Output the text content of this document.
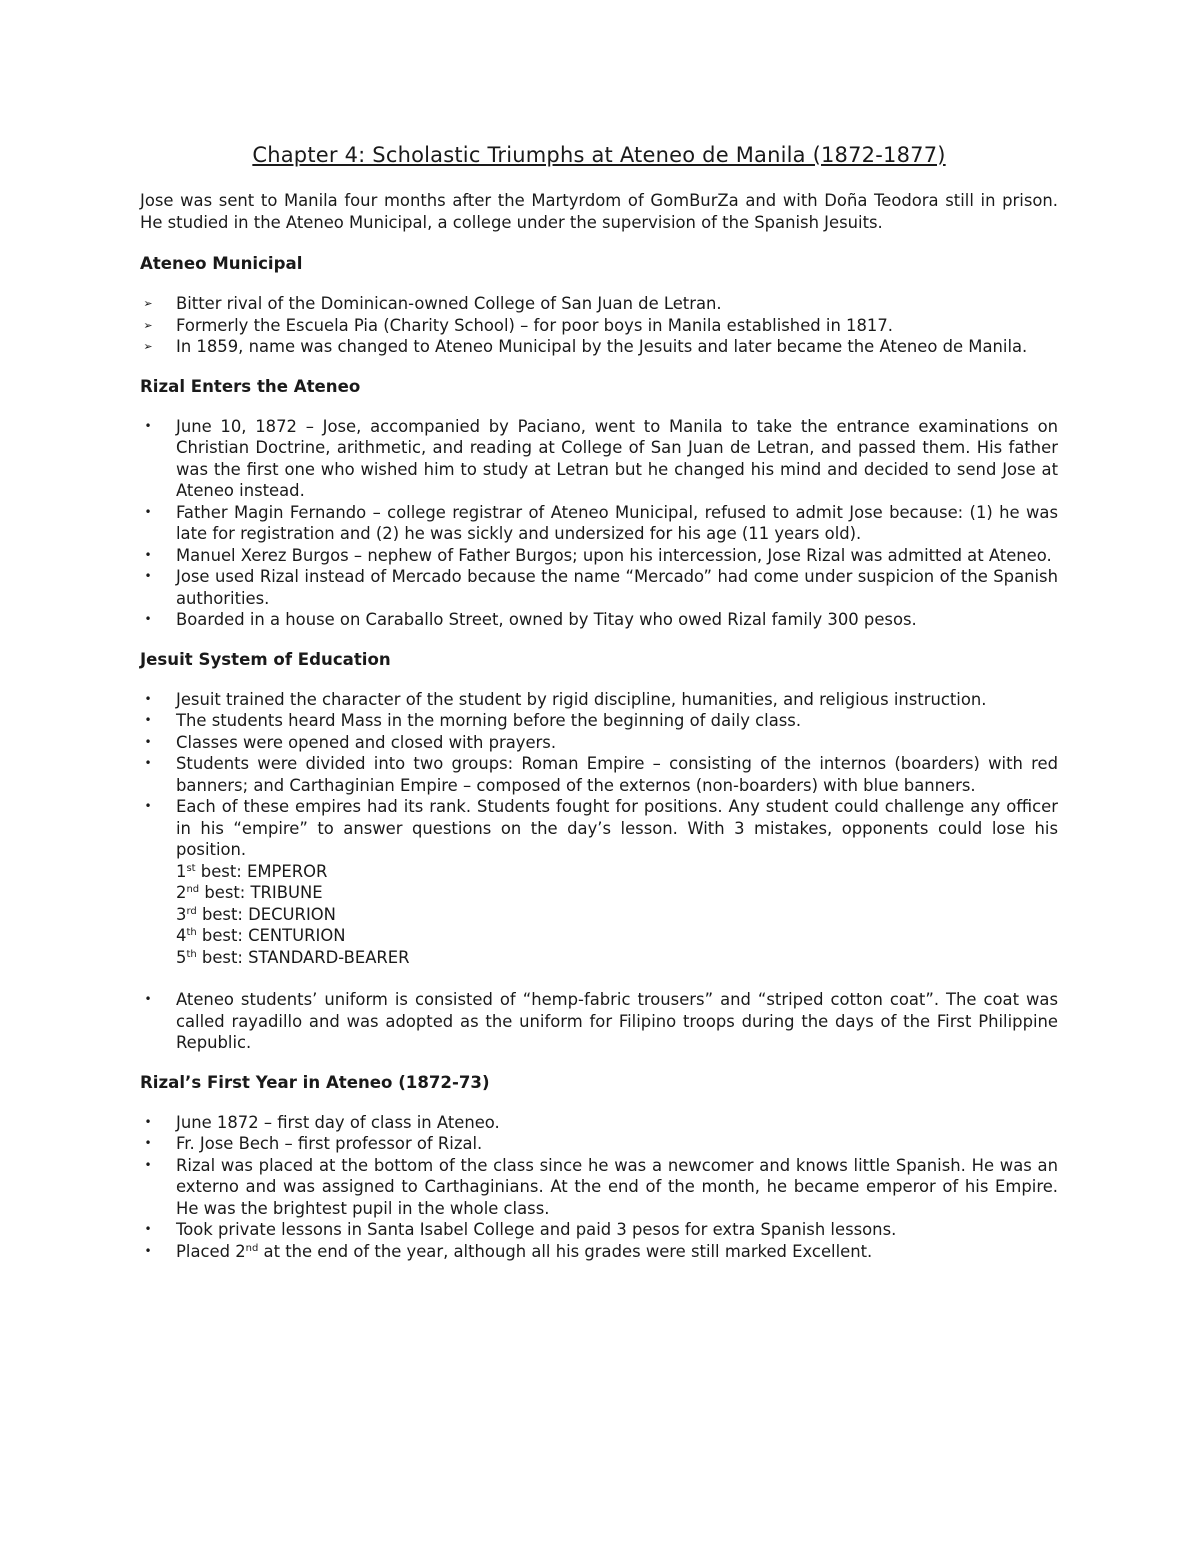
Chapter 4: Scholastic Triumphs at Ateneo de Manila (1872-1877)
Jose was sent to Manila four months after the Martyrdom of GomBurZa and with Doña Teodora still in prison. He studied in the Ateneo Municipal, a college under the supervision of the Spanish Jesuits.
Ateneo Municipal
➢ Bitter rival of the Dominican-owned College of San Juan de Letran.
➢ Formerly the Escuela Pia (Charity School) – for poor boys in Manila established in 1817.
➢ In 1859, name was changed to Ateneo Municipal by the Jesuits and later became the Ateneo de Manila.
Rizal Enters the Ateneo
• June 10, 1872 – Jose, accompanied by Paciano, went to Manila to take the entrance examinations on Christian Doctrine, arithmetic, and reading at College of San Juan de Letran, and passed them. His father was the first one who wished him to study at Letran but he changed his mind and decided to send Jose at Ateneo instead.
• Father Magin Fernando – college registrar of Ateneo Municipal, refused to admit Jose because: (1) he was late for registration and (2) he was sickly and undersized for his age (11 years old).
• Manuel Xerez Burgos – nephew of Father Burgos; upon his intercession, Jose Rizal was admitted at Ateneo.
• Jose used Rizal instead of Mercado because the name “Mercado” had come under suspicion of the Spanish authorities.
• Boarded in a house on Caraballo Street, owned by Titay who owed Rizal family 300 pesos.
Jesuit System of Education
• Jesuit trained the character of the student by rigid discipline, humanities, and religious instruction.
• The students heard Mass in the morning before the beginning of daily class.
• Classes were opened and closed with prayers.
• Students were divided into two groups: Roman Empire – consisting of the internos (boarders) with red banners; and Carthaginian Empire – composed of the externos (non-boarders) with blue banners.
• Each of these empires had its rank. Students fought for positions. Any student could challenge any officer in his “empire” to answer questions on the day’s lesson. With 3 mistakes, opponents could lose his position.
1st best: EMPEROR
2nd best: TRIBUNE
3rd best: DECURION
4th best: CENTURION
5th best: STANDARD-BEARER
• Ateneo students’ uniform is consisted of “hemp-fabric trousers” and “striped cotton coat”. The coat was called rayadillo and was adopted as the uniform for Filipino troops during the days of the First Philippine Republic.
Rizal’s First Year in Ateneo (1872-73)
• June 1872 – first day of class in Ateneo.
• Fr. Jose Bech – first professor of Rizal.
• Rizal was placed at the bottom of the class since he was a newcomer and knows little Spanish. He was an externo and was assigned to Carthaginians. At the end of the month, he became emperor of his Empire. He was the brightest pupil in the whole class.
• Took private lessons in Santa Isabel College and paid 3 pesos for extra Spanish lessons.
• Placed 2nd at the end of the year, although all his grades were still marked Excellent.
